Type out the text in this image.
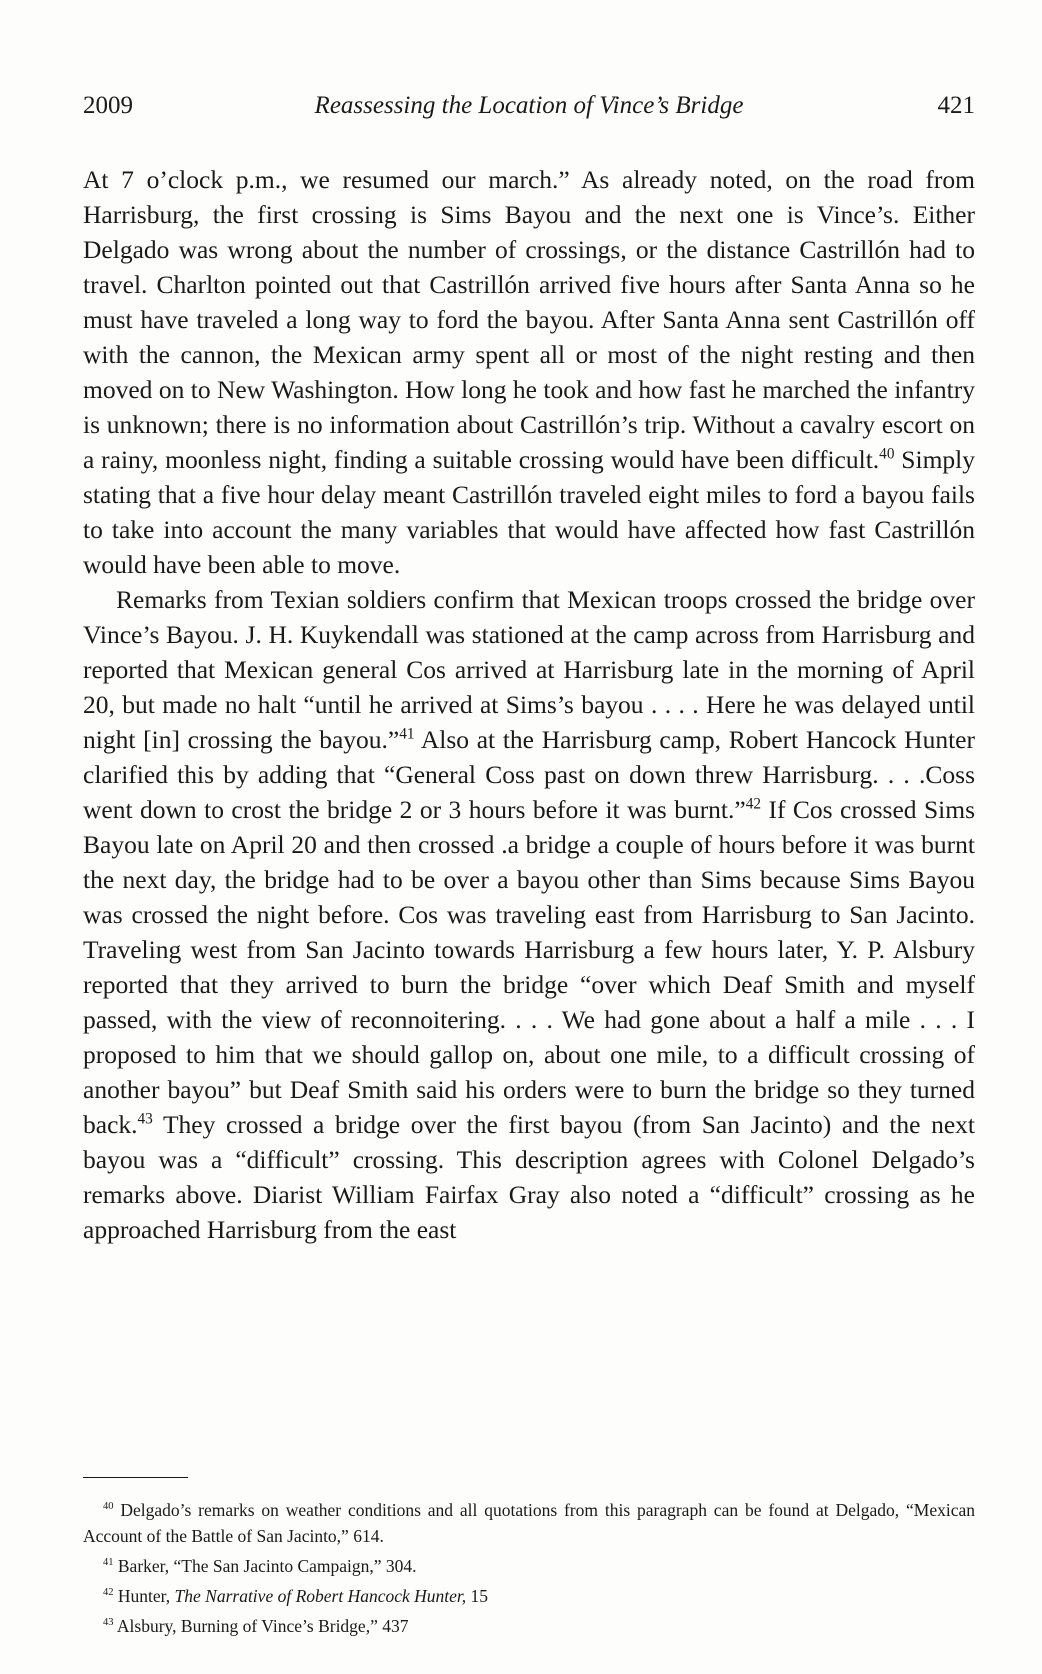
2009	Reassessing the Location of Vince’s Bridge	421

At 7 o’clock p.m., we resumed our march.” As already noted, on the road from Harrisburg, the first crossing is Sims Bayou and the next one is Vince’s. Either Delgado was wrong about the number of crossings, or the distance Castrillón had to travel. Charlton pointed out that Castrillón arrived five hours after Santa Anna so he must have traveled a long way to ford the bayou. After Santa Anna sent Castrillón off with the cannon, the Mexican army spent all or most of the night resting and then moved on to New Washington. How long he took and how fast he marched the infantry is unknown; there is no information about Castrillón’s trip. Without a cavalry escort on a rainy, moonless night, finding a suitable crossing would have been difficult.$^{40}$ Simply stating that a five hour delay meant Castrillón traveled eight miles to ford a bayou fails to take into account the many variables that would have affected how fast Castrillón would have been able to move.

Remarks from Texian soldiers confirm that Mexican troops crossed the bridge over Vince’s Bayou. J. H. Kuykendall was stationed at the camp across from Harrisburg and reported that Mexican general Cos arrived at Harrisburg late in the morning of April 20, but made no halt “until he arrived at Sims’s bayou . . . . Here he was delayed until night [in] crossing the bayou.”$^{41}$ Also at the Harrisburg camp, Robert Hancock Hunter clarified this by adding that “General Coss past on down threw Harrisburg. . . .Coss went down to crost the bridge 2 or 3 hours before it was burnt.”$^{42}$ If Cos crossed Sims Bayou late on April 20 and then crossed .a bridge a couple of hours before it was burnt the next day, the bridge had to be over a bayou other than Sims because Sims Bayou was crossed the night before. Cos was traveling east from Harrisburg to San Jacinto. Traveling west from San Jacinto towards Harrisburg a few hours later, Y. P. Alsbury reported that they arrived to burn the bridge “over which Deaf Smith and myself passed, with the view of reconnoitering. . . . We had gone about a half a mile . . . I proposed to him that we should gallop on, about one mile, to a difficult crossing of another bayou” but Deaf Smith said his orders were to burn the bridge so they turned back.$^{43}$ They crossed a bridge over the first bayou (from San Jacinto) and the next bayou was a “difficult” crossing. This description agrees with Colonel Delgado’s remarks above. Diarist William Fairfax Gray also noted a “difficult” crossing as he approached Harrisburg from the east

$^{40}$ Delgado’s remarks on weather conditions and all quotations from this paragraph can be found at Delgado, “Mexican Account of the Battle of San Jacinto,” 614.

$^{41}$ Barker, “The San Jacinto Campaign,” 304.

$^{42}$ Hunter, The Narrative of Robert Hancock Hunter, 15

$^{43}$ Alsbury, Burning of Vince’s Bridge,” 437
